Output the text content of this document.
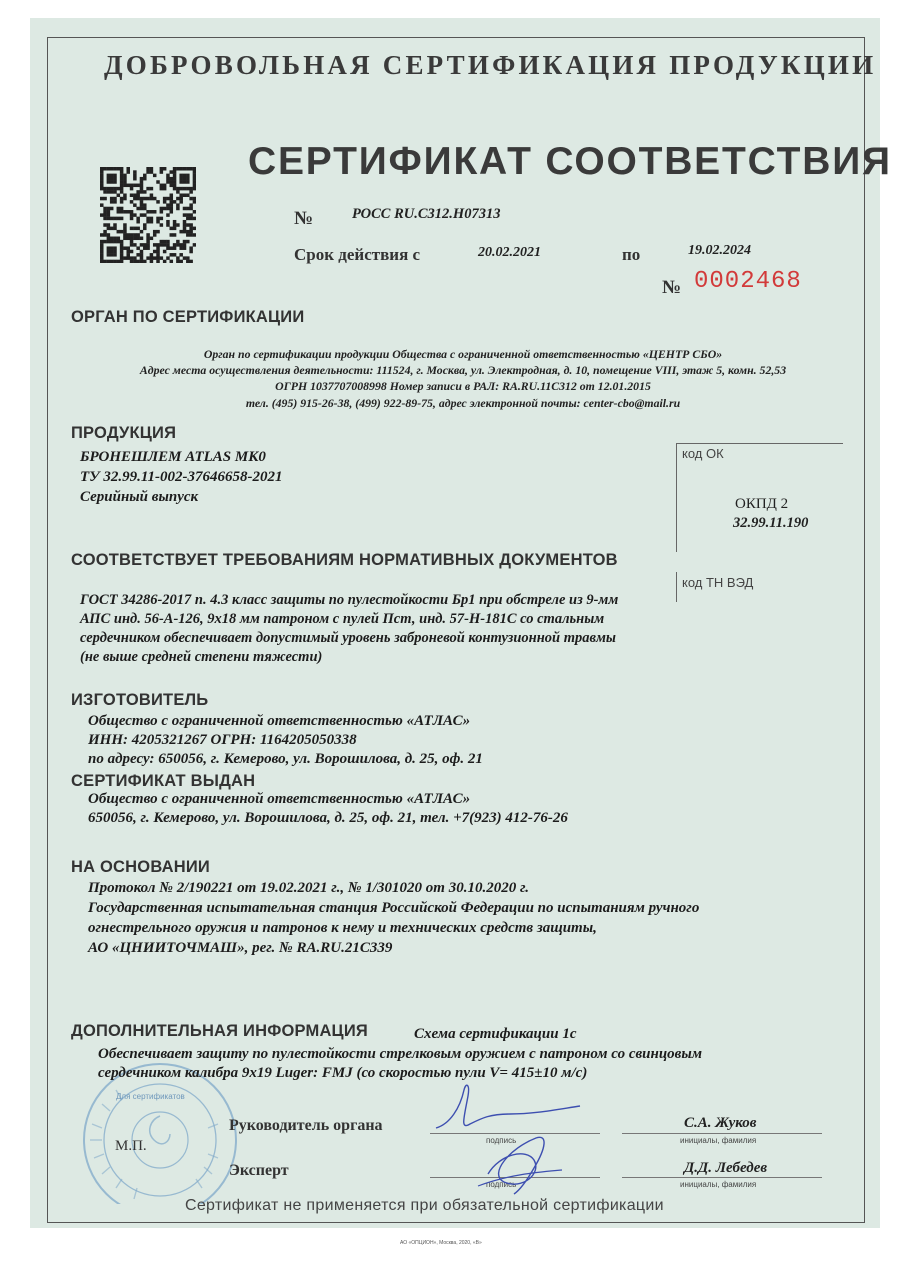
ДОБРОВОЛЬНАЯ СЕРТИФИКАЦИЯ ПРОДУКЦИИ
СЕРТИФИКАТ СООТВЕТСТВИЯ
№	РОСС RU.С312.Н07313
Срок действия с	20.02.2021	по	19.02.2024
№ 0002468
ОРГАН ПО СЕРТИФИКАЦИИ
Орган по сертификации продукции Общества с ограниченной ответственностью «ЦЕНТР СБО»
Адрес места осуществления деятельности: 111524, г. Москва, ул. Электродная, д. 10, помещение VIII, этаж 5, комн. 52,53
ОГРН 1037707008998 Номер записи в РАЛ: RA.RU.11С312 от 12.01.2015
тел. (495) 915-26-38, (499) 922-89-75, адрес электронной почты: center-cbo@mail.ru
ПРОДУКЦИЯ
БРОНЕШЛЕМ ATLAS МК0
ТУ 32.99.11-002-37646658-2021
Серийный выпуск
код ОК
ОКПД 2
32.99.11.190
СООТВЕТСТВУЕТ ТРЕБОВАНИЯМ НОРМАТИВНЫХ ДОКУМЕНТОВ
код ТН ВЭД
ГОСТ 34286-2017 п. 4.3 класс защиты по пулестойкости Бр1 при обстреле из 9-мм
АПС инд. 56-А-126, 9х18 мм патроном с пулей Пст, инд. 57-Н-181С со стальным
сердечником обеспечивает допустимый уровень заброневой контузионной травмы
(не выше средней степени тяжести)
ИЗГОТОВИТЕЛЬ
Общество с ограниченной ответственностью «АТЛАС»
ИНН: 4205321267 ОГРН: 1164205050338
по адресу: 650056, г. Кемерово, ул. Ворошилова, д. 25, оф. 21
СЕРТИФИКАТ ВЫДАН
Общество с ограниченной ответственностью «АТЛАС»
650056, г. Кемерово, ул. Ворошилова, д. 25, оф. 21, тел. +7(923) 412-76-26
НА ОСНОВАНИИ
Протокол № 2/190221 от 19.02.2021 г., № 1/301020 от 30.10.2020 г.
Государственная испытательная станция Российской Федерации по испытаниям ручного
огнестрельного оружия и патронов к нему и технических средств защиты,
АО «ЦНИИТОЧМАШ», рег. № RA.RU.21С339
Для сертификатов
ДОПОЛНИТЕЛЬНАЯ ИНФОРМАЦИЯ	Схема сертификации 1с
Обеспечивает защиту по пулестойкости стрелковым оружием с патроном со свинцовым
сердечником калибра 9х19 Luger: FMJ (со скоростью пули V= 415±10 м/с)
Руководитель органа
подпись
С.А. Жуков
инициалы, фамилия
М.П.
Эксперт
подпись
Д.Д. Лебедев
инициалы, фамилия
Сертификат не применяется при обязательной сертификации
АО «ОПЦИОН», Москва, 2020, «В»
